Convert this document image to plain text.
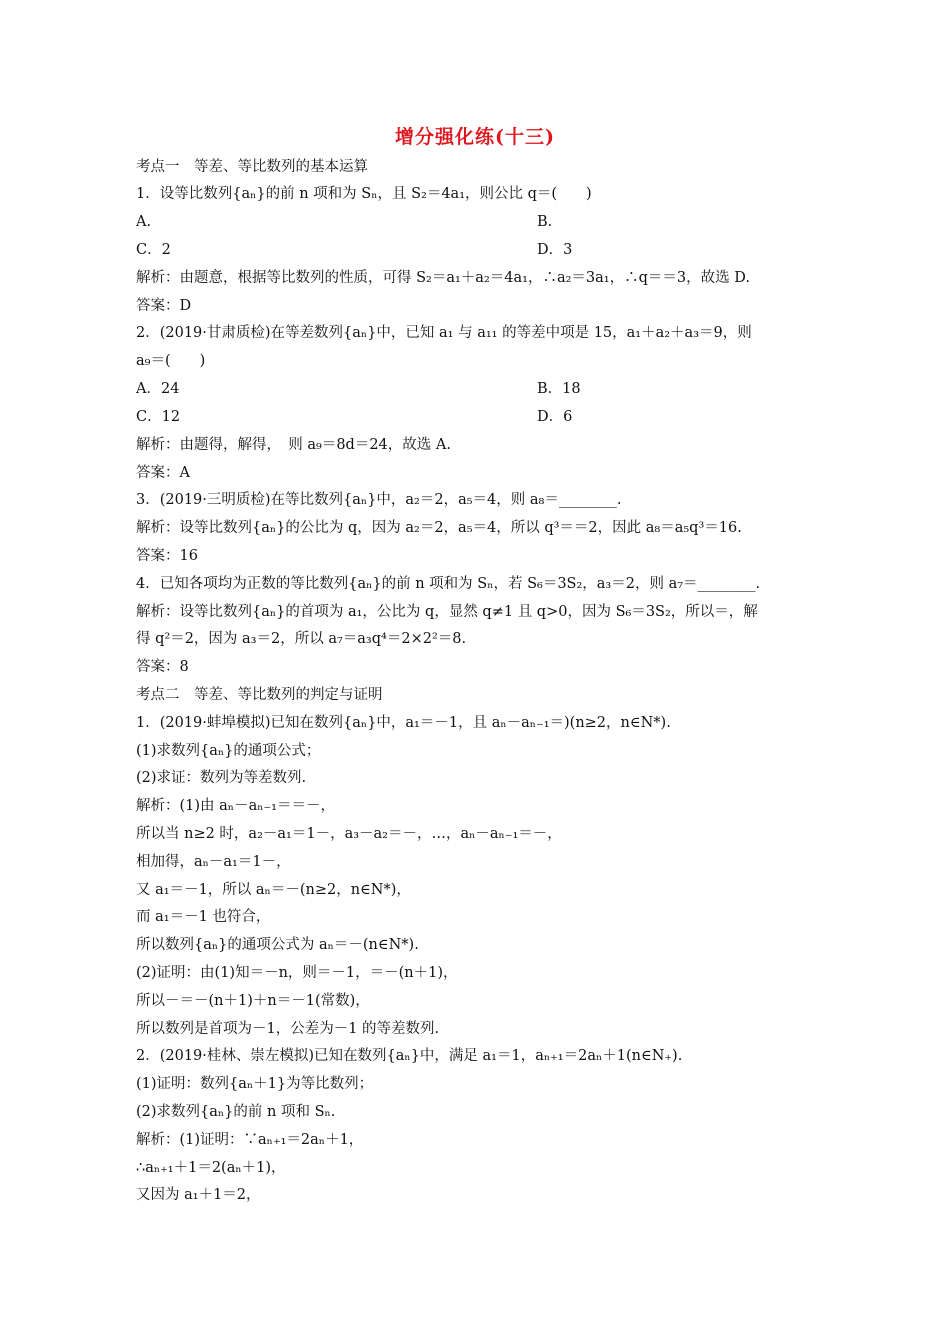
增分强化练(十三)
考点一　等差、等比数列的基本运算
1．设等比数列{aₙ}的前 n 项和为 Sₙ，且 S₂＝4a₁，则公比 q＝(　　)
A.	B.
C．2	D．3
解析：由题意，根据等比数列的性质，可得 S₂＝a₁＋a₂＝4a₁，∴a₂＝3a₁，∴q＝＝3，故选 D.
答案：D
2．(2019·甘肃质检)在等差数列{aₙ}中，已知 a₁ 与 a₁₁ 的等差中项是 15，a₁＋a₂＋a₃＝9，则
a₉＝(　　)
A．24	B．18
C．12	D．6
解析：由题得，解得，　则 a₉＝8d＝24，故选 A.
答案：A
3．(2019·三明质检)在等比数列{aₙ}中，a₂＝2，a₅＝4，则 a₈＝________.
解析：设等比数列{aₙ}的公比为 q，因为 a₂＝2，a₅＝4，所以 q³＝＝2，因此 a₈＝a₅q³＝16.
答案：16
4．已知各项均为正数的等比数列{aₙ}的前 n 项和为 Sₙ，若 S₆＝3S₂，a₃＝2，则 a₇＝________.
解析：设等比数列{aₙ}的首项为 a₁，公比为 q，显然 q≠1 且 q>0，因为 S₆＝3S₂，所以＝，解
得 q²＝2，因为 a₃＝2，所以 a₇＝a₃q⁴＝2×2²＝8.
答案：8
考点二　等差、等比数列的判定与证明
1．(2019·蚌埠模拟)已知在数列{aₙ}中，a₁＝－1，且 aₙ－aₙ₋₁＝)(n≥2，n∈N*).
(1)求数列{aₙ}的通项公式；
(2)求证：数列为等差数列.
解析：(1)由 aₙ－aₙ₋₁＝＝－，
所以当 n≥2 时，a₂－a₁＝1－，a₃－a₂＝－，…，aₙ－aₙ₋₁＝－，
相加得，aₙ－a₁＝1－，
又 a₁＝－1，所以 aₙ＝－(n≥2，n∈N*)，
而 a₁＝－1 也符合，
所以数列{aₙ}的通项公式为 aₙ＝－(n∈N*).
(2)证明：由(1)知＝－n，则＝－1，＝－(n＋1)，
所以－＝－(n＋1)＋n＝－1(常数)，
所以数列是首项为－1，公差为－1 的等差数列.
2．(2019·桂林、崇左模拟)已知在数列{aₙ}中，满足 a₁＝1，aₙ₊₁＝2aₙ＋1(n∈N₊).
(1)证明：数列{aₙ＋1}为等比数列；
(2)求数列{aₙ}的前 n 项和 Sₙ.
解析：(1)证明：∵aₙ₊₁＝2aₙ＋1，
∴aₙ₊₁＋1＝2(aₙ＋1)，
又因为 a₁＋1＝2，
